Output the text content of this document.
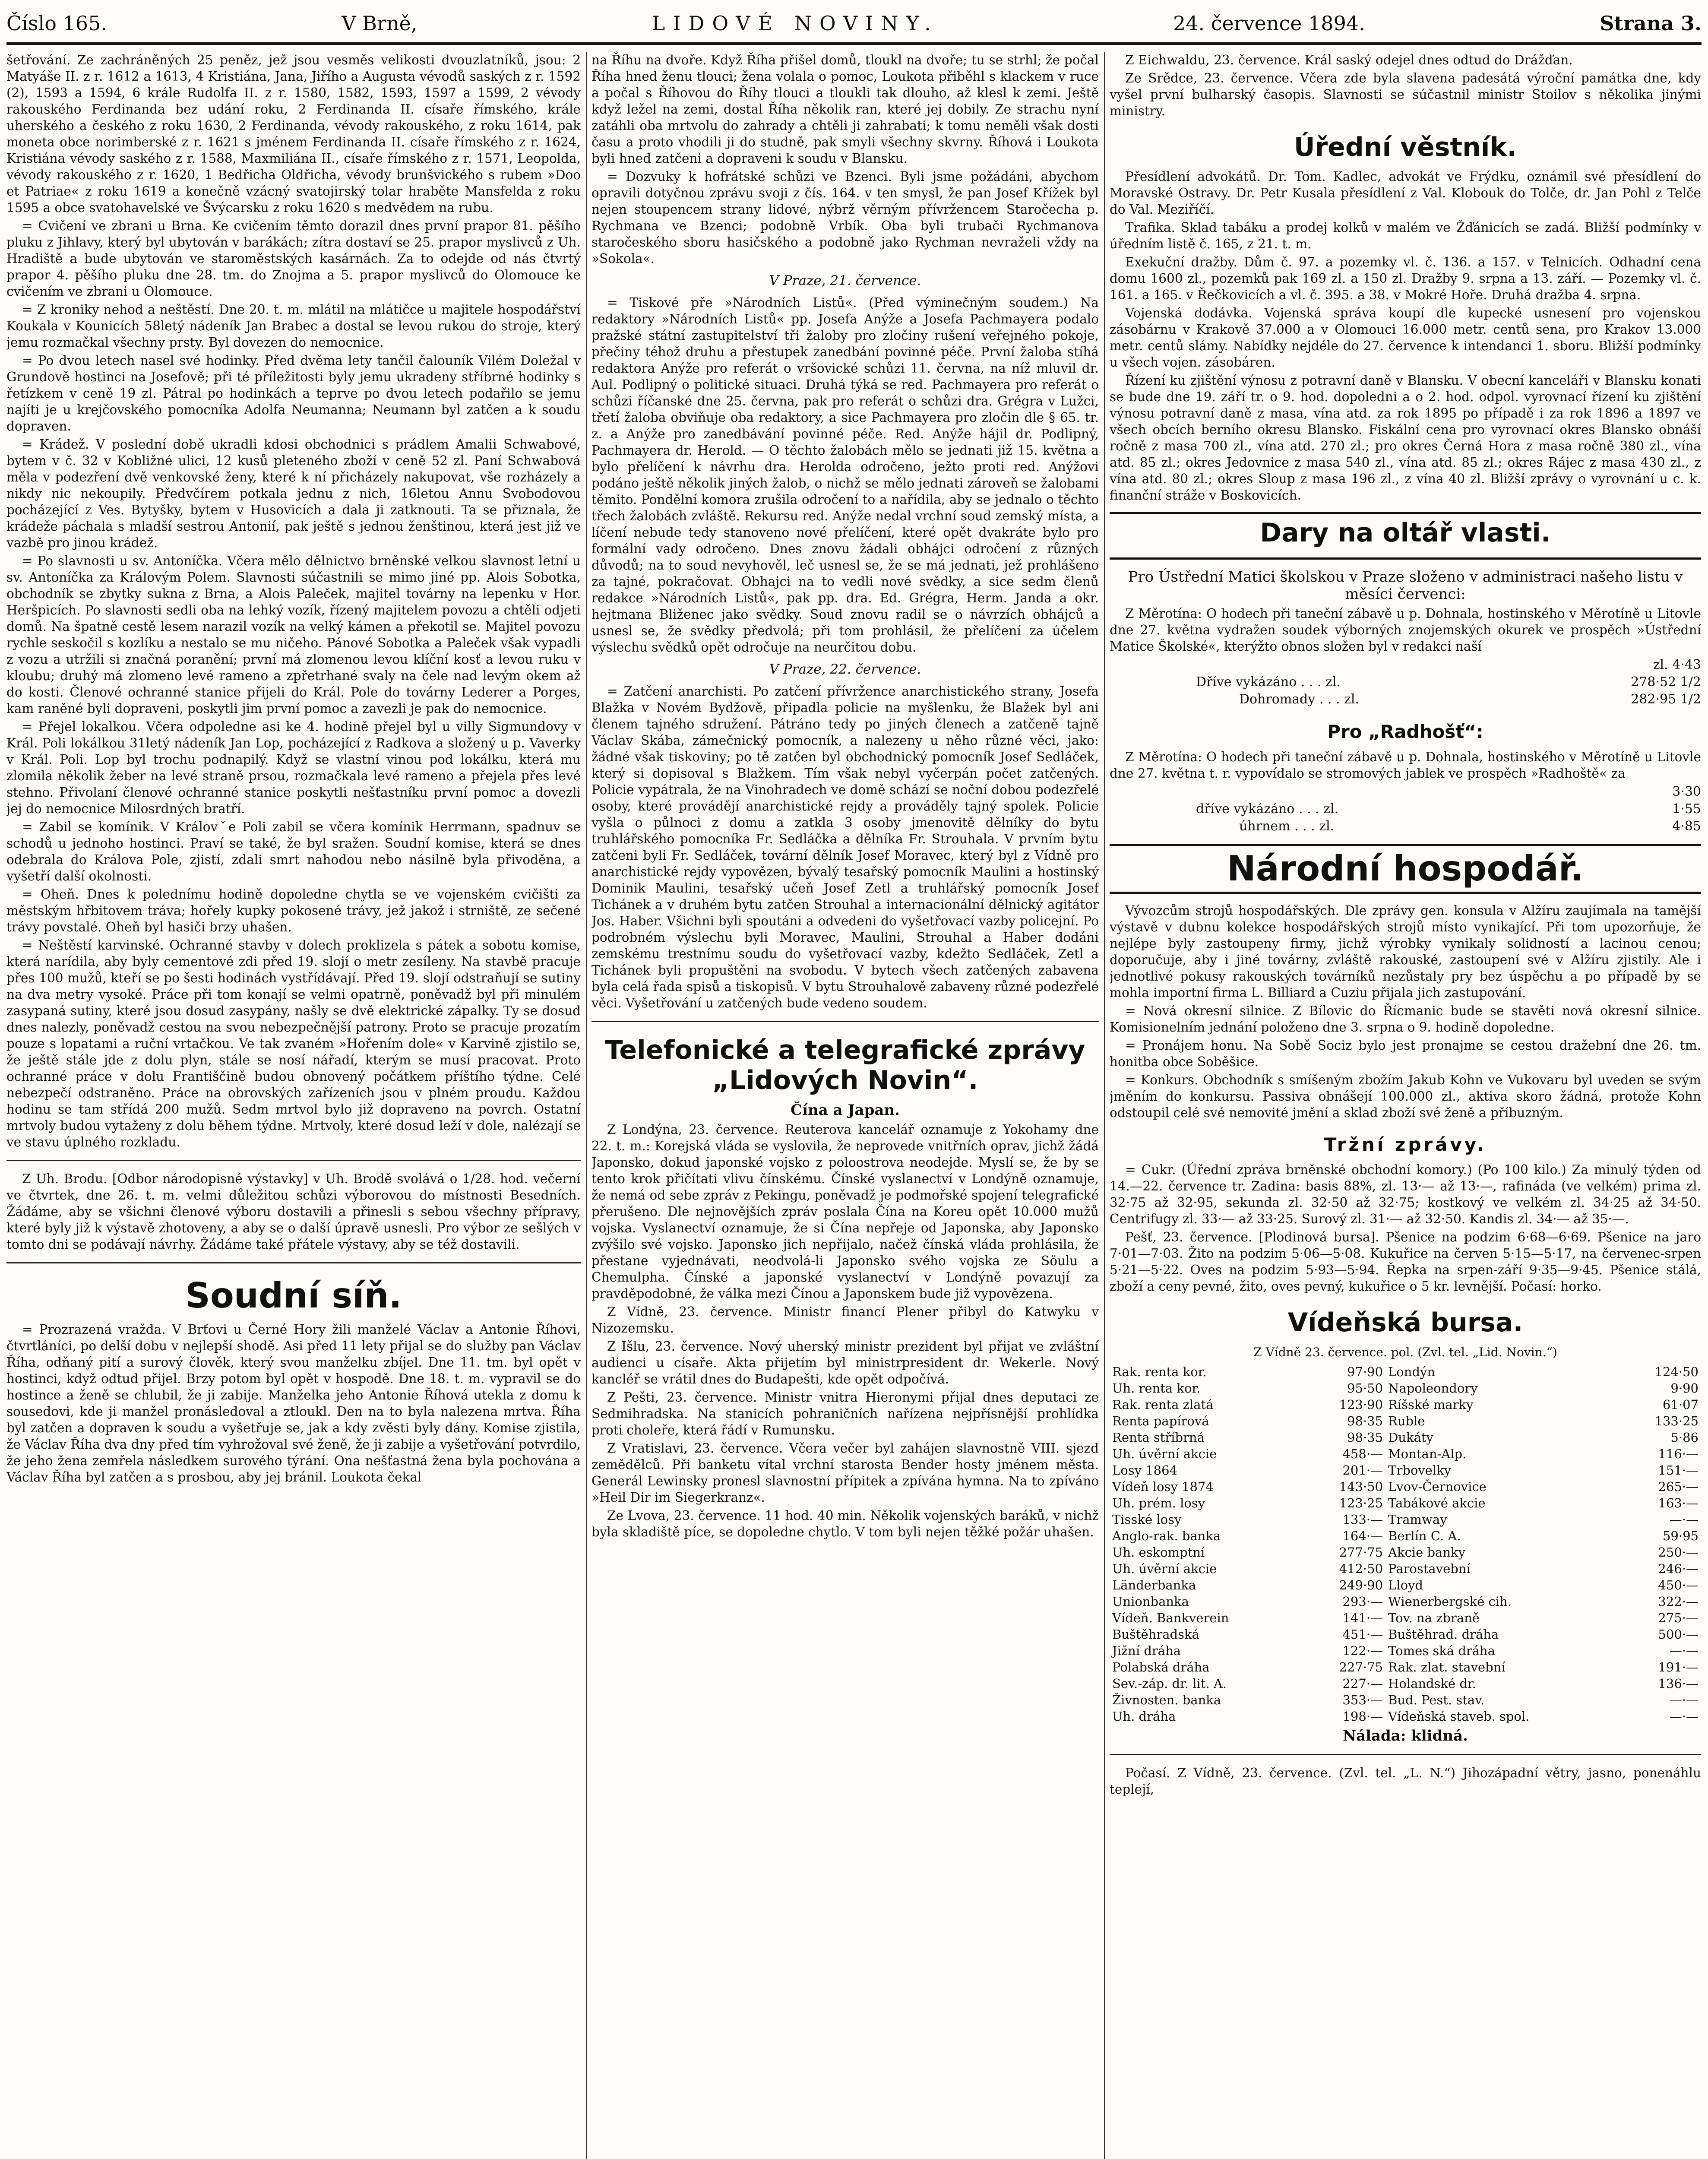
Číslo 165.	V Brně,	LIDOVÉ NOVINY.	24. července 1894.	Strana 3.

šetřování. Ze zachráněných 25 peněz, jež jsou vesměs velikosti dvouzlatníků, jsou: 2 Matyáše II. z r. 1612 a 1613, 4 Kristiána, Jana, Jiřího a Augusta vévodů saských z r. 1592 (2), 1593 a 1594, 6 krále Rudolfa II. z r. 1580, 1582, 1593, 1597 a 1599, 2 vévody rakouského Ferdinanda bez udání roku, 2 Ferdinanda II. císaře římského, krále uherského a českého z roku 1630, 2 Ferdinanda, vévody rakouského, z roku 1614, pak moneta obce norimberské z r. 1621 s jménem Ferdinanda II. císaře římského z r. 1624, Kristiána vévody saského z r. 1588, Maxmiliána II., císaře římského z r. 1571, Leopolda, vévody rakouského z r. 1620, 1 Bedřicha Oldřicha, vévody brunšvického s rubem »Doo et Patriae« z roku 1619 a konečně vzácný svatojirský tolar hraběte Mansfelda z roku 1595 a obce svatohavelské ve Švýcarsku z roku 1620 s medvědem na rubu.

= Cvičení ve zbrani u Brna. Ke cvičením těmto dorazil dnes první prapor 81. pěšího pluku z Jihlavy, který byl ubytován v barákách; zítra dostaví se 25. prapor myslivců z Uh. Hradiště a bude ubytován ve staroměstských kasárnách. Za to odejde od nás čtvrtý prapor 4. pěšího pluku dne 28. tm. do Znojma a 5. prapor myslivců do Olomouce ke cvičením ve zbrani u Olomouce.

= Z kroniky nehod a neštěstí. Dne 20. t. m. mlátil na mlátičce u majitele hospodářství Koukala v Kounicích 58letý nádeník Jan Brabec a dostal se levou rukou do stroje, který jemu rozmačkal všechny prsty. Byl dovezen do nemocnice.

= Po dvou letech nasel své hodinky. Před dvěma lety tančil čalouník Vilém Doležal v Grundově hostinci na Josefově; při té příležitosti byly jemu ukradeny stříbrné hodinky s řetízkem v ceně 19 zl. Pátral po hodinkách a teprve po dvou letech podařilo se jemu najíti je u krejčovského pomocníka Adolfa Neumanna; Neumann byl zatčen a k soudu dopraven.

= Krádež. V poslední době ukradli kdosi obchodnici s prádlem Amalii Schwabové, bytem v č. 32 v Kobližné ulici, 12 kusů pleteného zboží v ceně 52 zl. Paní Schwabová měla v podezření dvě venkovské ženy, které k ní přicházely nakupovat, vše rozházely a nikdy nic nekoupily. Předvčírem potkala jednu z nich, 16letou Annu Svobodovou pocházející z Ves. Bytyšky, bytem v Husovicích a dala ji zatknouti. Ta se přiznala, že krádeže páchala s mladší sestrou Antonií, pak ještě s jednou ženštinou, která jest již ve vazbě pro jinou krádež.

= Po slavnosti u sv. Antoníčka. Včera mělo dělnictvo brněnské velkou slavnost letní u sv. Antoníčka za Královým Polem. Slavnosti súčastnili se mimo jiné pp. Alois Sobotka, obchodník se zbytky sukna z Brna, a Alois Paleček, majitel továrny na lepenku v Hor. Heršpicích. Po slavnosti sedli oba na lehký vozík, řízený majitelem povozu a chtěli odjeti domů. Na špatně cestě lesem narazil vozík na velký kámen a překotil se. Majitel povozu rychle seskočil s kozlíku a nestalo se mu ničeho. Pánové Sobotka a Paleček však vypadli z vozu a utržili si značná poranění; první má zlomenou levou klíční kosť a levou ruku v kloubu; druhý má zlomeno levé rameno a zpřetrhané svaly na čele nad levým okem až do kosti. Členové ochranné stanice přijeli do Král. Pole do továrny Lederer a Porges, kam raněné byli dopraveni, poskytli jim první pomoc a zavezli je pak do nemocnice.

= Přejel lokalkou. Včera odpoledne asi ke 4. hodině přejel byl u villy Sigmundovy v Král. Poli lokálkou 31letý nádeník Jan Lop, pocházející z Radkova a složený u p. Vaverky v Král. Poli. Lop byl trochu podnapilý. Když se vlastní vinou pod lokálku, která mu zlomila několik žeber na levé straně prsou, rozmačkala levé rameno a přejela přes levé stehno. Přivolaní členové ochranné stanice poskytli nešťastníku první pomoc a dovezli jej do nemocnice Milosrdných bratří.

= Zabil se komínik. V Královˇe Poli zabil se včera komínik Herrmann, spadnuv se schodů u jednoho hostinci. Praví se také, že byl sražen. Soudní komise, která se dnes odebrala do Králova Pole, zjistí, zdali smrt nahodou nebo násilně byla přivoděna, a vyšetří další okolnosti.

= Oheň. Dnes k polednímu hodině dopoledne chytla se ve vojenském cvičišti za městským hřbitovem tráva; hořely kupky pokosené trávy, jež jakož i strniště, ze sečené trávy povstalé. Oheň byl hasiči brzy uhašen.

= Neštěstí karvinské. Ochranné stavby v dolech proklizela s pátek a sobotu komise, která narídila, aby byly cementové zdi před 19. slojí o metr zesíleny. Na stavbě pracuje přes 100 mužů, kteří se po šesti hodinách vystřídávají. Před 19. slojí odstraňují se sutiny na dva metry vysoké. Práce při tom konají se velmi opatrně, poněvadž byl při minulém zasypaná sutiny, které jsou dosud zasypány, našly se dvě elektrické zápalky. Ty se dosud dnes nalezly, poněvadž cestou na svou nebezpečnější patrony. Proto se pracuje prozatím pouze s lopatami a ruční vrtačkou. Ve tak zvaném »Hořením dole« v Karvině zjistilo se, že ještě stále jde z dolu plyn, stále se nosí nářadí, kterým se musí pracovat. Proto ochranné práce v dolu Františčině budou obnovený počátkem příštího týdne. Celé nebezpečí odstraněno. Práce na obrovských zařízeních jsou v plném proudu. Každou hodinu se tam střídá 200 mužů. Sedm mrtvol bylo již dopraveno na povrch. Ostatní mrtvoly budou vytaženy z dolu během týdne. Mrtvoly, které dosud leží v dole, nalézají se ve stavu úplného rozkladu.

Z Uh. Brodu. [Odbor národopisné výstavky] v Uh. Brodě svolává o 1/28. hod. večerní ve čtvrtek, dne 26. t. m. velmi důležitou schůzi výborovou do místnosti Besedních. Žádáme, aby se všichni členové výboru dostavili a přinesli s sebou všechny přípravy, které byly již k výstavě zhotoveny, a aby se o další úpravě usnesli. Pro výbor ze sešlých v tomto dni se podávají návrhy. Žádáme také přátele výstavy, aby se též dostavili.

Soudní síň.

= Prozrazená vražda. V Brťovi u Černé Hory žili manželé Václav a Antonie Říhovi, čtvrtláníci, po delší dobu v nejlepší shodě. Asi před 11 lety přijal se do služby pan Václav Říha, odňaný pití a surový člověk, který svou manželku zbíjel. Dne 11. tm. byl opět v hostinci, když odtud přijel. Brzy potom byl opět v hospodě. Dne 18. t. m. vypravil se do hostince a ženě se chlubil, že ji zabije. Manželka jeho Antonie Říhová utekla z domu k sousedovi, kde ji manžel pronásledoval a ztloukl. Den na to byla nalezena mrtva. Říha byl zatčen a dopraven k soudu a vyšetřuje se, jak a kdy zvěsti byly dány. Komise zjistila, že Václav Říha dva dny před tím vyhrožoval své ženě, že ji zabije a vyšetřování potvrdilo, že jeho žena zemřela následkem surového týrání. Ona nešťastná žena byla pochována a Václav Říha byl zatčen a s prosbou, aby jej bránil. Loukota čekal

na Říhu na dvoře. Když Říha přišel domů, tloukl na dvoře; tu se strhl; že počal Říha hned ženu tlouci; žena volala o pomoc, Loukota přiběhl s klackem v ruce a počal s Říhovou do Říhy tlouci a tloukli tak dlouho, až klesl k zemi. Ještě když ležel na zemi, dostal Říha několik ran, které jej dobily. Ze strachu nyní zatáhli oba mrtvolu do zahrady a chtěli ji zahrabati; k tomu neměli však dosti času a proto vhodili ji do studně, pak smyli všechny skvrny. Říhová i Loukota byli hned zatčeni a dopraveni k soudu v Blansku.

= Dozvuky k hofrátské schůzi ve Bzenci. Byli jsme požádáni, abychom opravili dotyčnou zprávu svoji z čís. 164. v ten smysl, že pan Josef Křížek byl nejen stoupencem strany lidové, nýbrž věrným přívržencem Staročecha p. Rychmana ve Bzenci; podobně Vrbík. Oba byli trubači Rychmanova staročeského sboru hasičského a podobně jako Rychman nevraželi vždy na »Sokola«.

V Praze, 21. července.

= Tiskové pře »Národních Listů«. (Před výminečným soudem.) Na redaktory »Národních Listů« pp. Josefa Anýže a Josefa Pachmayera podalo pražské státní zastupitelství tři žaloby pro zločiny rušení veřejného pokoje, přečiny téhož druhu a přestupek zanedbání povinné péče. První žaloba stíhá redaktora Anýže pro referát o vršovické schůzi 11. června, na níž mluvil dr. Aul. Podlipný o politické situaci. Druhá týká se red. Pachmayera pro referát o schůzi říčanské dne 25. června, pak pro referát o schůzi dra. Grégra v Lužci, třetí žaloba obviňuje oba redaktory, a sice Pachmayera pro zločin dle § 65. tr. z. a Anýže pro zanedbávání povinné péče. Red. Anýže hájil dr. Podlipný, Pachmayera dr. Herold. — O těchto žalobách mělo se jednati již 15. května a bylo přelíčení k návrhu dra. Herolda odročeno, ježto proti red. Anýžovi podáno ještě několik jiných žalob, o nichž se mělo jednati zároveň se žalobami těmito. Pondělní komora zrušila odročení to a nařídila, aby se jednalo o těchto třech žalobách zvláště. Rekursu red. Anýže nedal vrchní soud zemský místa, a líčení nebude tedy stanoveno nové přelíčení, které opět dvakráte bylo pro formální vady odročeno. Dnes znovu žádali obhájci odročení z různých důvodů; na to soud nevyhověl, leč usnesl se, že se má jednati, jež prohlášeno za tajné, pokračovat. Obhajci na to vedli nové svědky, a sice sedm členů redakce »Národních Listů«, pak pp. dra. Ed. Grégra, Herm. Janda a okr. hejtmana Bliženec jako svědky. Soud znovu radil se o návrzích obhájců a usnesl se, že svědky předvolá; při tom prohlásil, že přelíčení za účelem výslechu svědků opět odročuje na neurčitou dobu.

V Praze, 22. července.

= Zatčení anarchisti. Po zatčení přívržence anarchistického strany, Josefa Blažka v Novém Bydžově, připadla policie na myšlenku, že Blažek byl ani členem tajného sdružení. Pátráno tedy po jiných členech a zatčeně tajně Václav Skába, zámečnický pomocník, a nalezeny u něho různé věci, jako: žádné však tiskoviny; po tě zatčen byl obchodnický pomocník Josef Sedláček, který si dopisoval s Blažkem. Tím však nebyl vyčerpán počet zatčených. Policie vypátrala, že na Vinohradech ve domě schází se noční dobou podezřelé osoby, které provádějí anarchistické rejdy a prováděly tajný spolek. Policie vyšla o půlnoci z domu a zatkla 3 osoby jmenovitě dělníky do bytu truhlářského pomocníka Fr. Sedláčka a dělníka Fr. Strouhala. V prvním bytu zatčeni byli Fr. Sedláček, tovární dělník Josef Moravec, který byl z Vídně pro anarchistické rejdy vypovězen, bývalý tesařský pomocník Maulini a hostinský Dominik Maulini, tesařský učeň Josef Zetl a truhlářský pomocník Josef Tichánek a v druhém bytu zatčen Strouhal a internacionální dělnický agitátor Jos. Haber. Všichni byli spoutáni a odvedeni do vyšetřovací vazby policejní. Po podrobném výslechu byli Moravec, Maulini, Strouhal a Haber dodáni zemskému trestnímu soudu do vyšetřovací vazby, kdežto Sedláček, Zetl a Tichánek byli propuštěni na svobodu. V bytech všech zatčených zabavena byla celá řada spisů a tiskopisů. V bytu Strouhalově zabaveny různé podezřelé věci. Vyšetřování u zatčených bude vedeno soudem.

Telefonické a telegrafické zprávy „Lidových Novin“.
Čína a Japan.

Z Londýna, 23. července. Reuterova kancelář oznamuje z Yokohamy dne 22. t. m.: Korejská vláda se vyslovila, že neprovede vnitřních oprav, jichž žádá Japonsko, dokud japonské vojsko z poloostrova neodejde. Myslí se, že by se tento krok přičítati vlivu čínskému. Čínské vyslanectví v Londýně oznamuje, že nemá od sebe zpráv z Pekingu, poněvadž je podmořské spojení telegrafické přerušeno. Dle nejnovějších zpráv poslala Čína na Koreu opět 10.000 mužů vojska. Vyslanectví oznamuje, že si Čína nepřeje od Japonska, aby Japonsko zvýšilo své vojsko. Japonsko jich nepřijalo, načež čínská vláda prohlásila, že přestane vyjednávati, neodvolá-li Japonsko svého vojska ze Söulu a Chemulpha. Čínské a japonské vyslanectví v Londýně povazují za pravděpodobné, že válka mezi Čínou a Japonskem bude již vypovězena.

Z Vídně, 23. července. Ministr financí Plener přibyl do Katwyku v Nizozemsku.

Z Išlu, 23. července. Nový uherský ministr prezident byl přijat ve zvláštní audienci u císaře. Akta přijetím byl ministrpresident dr. Wekerle. Nový kancléř se vrátil dnes do Budapešti, kde opět odpočívá.

Z Pešti, 23. července. Ministr vnitra Hieronymi přijal dnes deputaci ze Sedmihradska. Na stanicích pohraničních nařízena nejpřísnější prohlídka proti choleře, která řádí v Rumunsku.

Z Vratislavi, 23. července. Včera večer byl zahájen slavnostně VIII. sjezd zemědělců. Při banketu vítal vrchní starosta Bender hosty jménem města. Generál Lewinsky pronesl slavnostní přípitek a zpívána hymna. Na to zpíváno »Heil Dir im Siegerkranz«.

Ze Lvova, 23. července. 11 hod. 40 min. Několik vojenských baráků, v nichž byla skladiště píce, se dopoledne chytlo. V tom byli nejen těžké požár uhašen.

Z Eichwaldu, 23. července. Král saský odejel dnes odtud do Drážďan.

Ze Srědce, 23. července. Včera zde byla slavena padesátá výroční památka dne, kdy vyšel první bulharský časopis. Slavnosti se súčastnil ministr Stoilov s několika jinými ministry.

Úřední věstník.

Přesídlení advokátů. Dr. Tom. Kadlec, advokát ve Frýdku, oznámil své přesídlení do Moravské Ostravy. Dr. Petr Kusala přesídlení z Val. Klobouk do Tolče, dr. Jan Pohl z Telče do Val. Meziříčí.

Trafika. Sklad tabáku a prodej kolků v malém ve Žďánicích se zadá. Bližší podmínky v úředním listě č. 165, z 21. t. m.

Exekuční dražby. Dům č. 97. a pozemky vl. č. 136. a 157. v Telnicích. Odhadní cena domu 1600 zl., pozemků pak 169 zl. a 150 zl. Dražby 9. srpna a 13. září. — Pozemky vl. č. 161. a 165. v Řečkovicích a vl. č. 395. a 38. v Mokré Hoře. Druhá dražba 4. srpna.

Vojenská dodávka. Vojenská správa koupí dle kupecké usnesení pro vojenskou zásobárnu v Krakově 37.000 a v Olomouci 16.000 metr. centů sena, pro Krakov 13.000 metr. centů slámy. Nabídky nejdéle do 27. července k intendanci 1. sboru. Bližší podmínky u všech vojen. zásobáren.

Řízení ku zjištění výnosu z potravní daně v Blansku. V obecní kanceláři v Blansku konati se bude dne 19. září tr. o 9. hod. dopoledni a o 2. hod. odpol. vyrovnací řízení ku zjištění výnosu potravní daně z masa, vína atd. za rok 1895 po případě i za rok 1896 a 1897 ve všech obcích berního okresu Blansko. Fiskální cena pro vyrovnací okres Blansko obnáší ročně z masa 700 zl., vína atd. 270 zl.; pro okres Černá Hora z masa ročně 380 zl., vína atd. 85 zl.; okres Jedovnice z masa 540 zl., vína atd. 85 zl.; okres Rájec z masa 430 zl., z vína atd. 80 zl.; okres Sloup z masa 196 zl., z vína 40 zl. Bližší zprávy o vyrovnání u c. k. finanční stráže v Boskovicích.

Dary na oltář vlasti.
Pro Ústřední Matici školskou v Praze složeno v administraci našeho listu v měsíci červenci:

Z Měrotína: O hodech při taneční zábavě u p. Dohnala, hostinského v Měrotíně u Litovle dne 27. května vydražen soudek výborných znojemských okurek ve prospěch »Ústřední Matice Školské«, kterýžto obnos složen byl v redakci naší

zl. 4·43
Dříve vykázáno . . . zl.	278·52 1/2
Dohromady . . . zl.	282·95 1/2
Pro „Radhošť“:

Z Měrotína: O hodech při taneční zábavě u p. Dohnala, hostinského v Měrotíně u Litovle dne 27. května t. r. vypovídalo se stromových jablek ve prospěch »Radhoště« za

3·30
dříve vykázáno . . . zl.	1·55
úhrnem . . . zl.	4·85
Národní hospodář.

Vývozcům strojů hospodářských. Dle zprávy gen. konsula v Alžíru zaujímala na tamější výstavě v dubnu kolekce hospodářských strojů místo vynikající. Při tom upozorňuje, že nejlépe byly zastoupeny firmy, jichž výrobky vynikaly solidností a lacinou cenou; doporučuje, aby i jiné továrny, zvláště rakouské, zastoupení své v Alžíru zjistily. Ale i jednotlivé pokusy rakouských továrníků nezůstaly pry bez úspěchu a po případě by se mohla importní firma L. Billiard a Cuziu přijala jich zastupování.

= Nová okresní silnice. Z Bílovic do Řícmanic bude se stavěti nová okresní silnice. Komisionelním jednání položeno dne 3. srpna o 9. hodině dopoledne.

= Pronájem honu. Na Sobě Sociz bylo jest pronajme se cestou dražební dne 26. tm. honitba obce Soběšice.

= Konkurs. Obchodník s smíšeným zbožím Jakub Kohn ve Vukovaru byl uveden se svým jměním do konkursu. Passiva obnášejí 100.000 zl., aktiva skoro žádná, protože Kohn odstoupil celé své nemovité jmění a sklad zboží své ženě a příbuzným.

Tržní zprávy.

= Cukr. (Úřední zpráva brněnské obchodní komory.) (Po 100 kilo.) Za minulý týden od 14.—22. července tr. Zadina: basis 88%, zl. 13·— až 13·—, rafináda (ve velkém) prima zl. 32·75 až 32·95, sekunda zl. 32·50 až 32·75; kostkový ve velkém zl. 34·25 až 34·50. Centrifugy zl. 33·— až 33·25. Surový zl. 31·— až 32·50. Kandis zl. 34·— až 35·—.

Pešť, 23. července. [Plodinová bursa]. Pšenice na podzim 6·68—6·69. Pšenice na jaro 7·01—7·03. Žito na podzim 5·06—5·08. Kukuřice na červen 5·15—5·17, na červenec-srpen 5·21—5·22. Oves na podzim 5·93—5·94. Řepka na srpen-září 9·35—9·45. Pšenice stálá, zboží a ceny pevné, žito, oves pevný, kukuřice o 5 kr. levnější. Počasí: horko.

Vídeňská bursa.
Z Vídně 23. července. pol. (Zvl. tel. „Lid. Novin.“)
Rak. renta kor.	97·90	Londýn	124·50
Uh. renta kor.	95·50	Napoleondory	9·90
Rak. renta zlatá	123·90	Ríšské marky	61·07
Renta papírová	98·35	Ruble	133·25
Renta stříbrná	98·35	Dukáty	5·86
Uh. úvěrní akcie	458·—	Montan-Alp.	116·—
Losy 1864	201·—	Trbovelky	151·—
Vídeň losy 1874	143·50	Lvov-Černovice	265·—
Uh. prém. losy	123·25	Tabákové akcie	163·—
Tisské losy	133·—	Tramway	—·—
Anglo-rak. banka	164·—	Berlín C. A.	59·95
Uh. eskomptní	277·75	Akcie banky	250·—
Uh. úvěrní akcie	412·50	Parostavební	246·—
Länderbanka	249·90	Lloyd	450·—
Unionbanka	293·—	Wienerbergské cih.	322·—
Vídeň. Bankverein	141·—	Tov. na zbraně	275·—
Buštěhradská	451·—	Buštěhrad. dráha	500·—
Jižní dráha	122·—	Tomes ská dráha	—·—
Polabská dráha	227·75	Rak. zlat. stavební	191·—
Sev.-záp. dr. lit. A.	227·—	Holandské dr.	136·—
Živnosten. banka	353·—	Bud. Pest. stav.	—·—
Uh. dráha	198·—	Vídeňská staveb. spol.	—·—
Nálada: klidná.

Počasí. Z Vídně, 23. července. (Zvl. tel. „L. N.“) Jihozápadní větry, jasno, ponenáhlu teplejí,
